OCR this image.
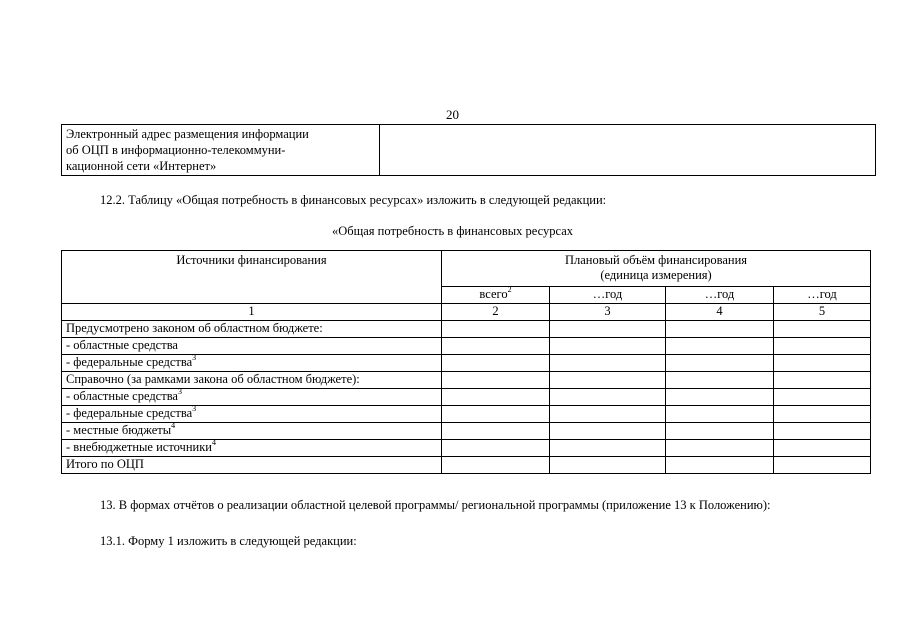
20
Электронный адрес размещения информации
об ОЦП в информационно-телекоммуни-
кационной сети «Интернет»
12.2. Таблицу «Общая потребность в финансовых ресурсах» изложить в следующей редакции:
«Общая потребность в финансовых ресурсах
Источники финансирования	Плановый объём финансирования
(единица измерения)			

	всего$^2$	…год	…год	…год
1	2	3	4	5
Предусмотрено законом об областном бюджете:				
- областные средства				
- федеральные средства$^3$				
Справочно (за рамками закона об областном бюджете):				
- областные средства$^3$				
- федеральные средства$^3$				
- местные бюджеты$^4$				
- внебюджетные источники$^4$				
Итого по ОЦП				
13. В формах отчётов о реализации областной целевой программы/ региональной программы (приложение 13 к Положению):
13.1. Форму 1 изложить в следующей редакции:
